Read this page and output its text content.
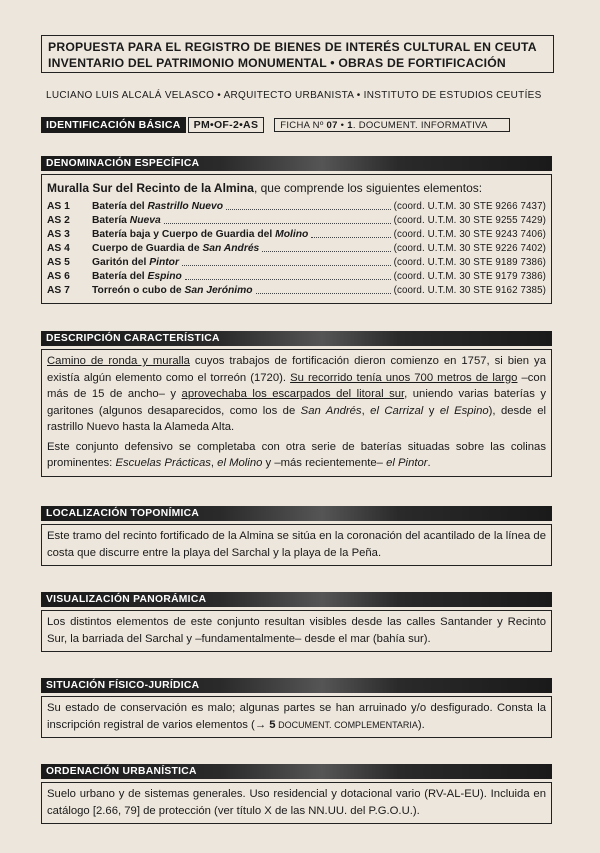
PROPUESTA PARA EL REGISTRO DE BIENES DE INTERÉS CULTURAL EN CEUTA
INVENTARIO DEL PATRIMONIO MONUMENTAL • OBRAS DE FORTIFICACIÓN
LUCIANO LUIS ALCALÁ VELASCO • ARQUITECTO URBANISTA • INSTITUTO DE ESTUDIOS CEUTÍES
IDENTIFICACIÓN BÁSICA	PM•OF-2•AS	FICHA Nº 07 • 1. DOCUMENT. INFORMATIVA
DENOMINACIÓN ESPECÍFICA
Muralla Sur del Recinto de la Almina, que comprende los siguientes elementos:
AS 1	Batería del Rastrillo Nuevo	(coord. U.T.M. 30 STE 9266 7437)
AS 2	Batería Nueva	(coord. U.T.M. 30 STE 9255 7429)
AS 3	Batería baja y Cuerpo de Guardia del Molino	(coord. U.T.M. 30 STE 9243 7406)
AS 4	Cuerpo de Guardia de San Andrés	(coord. U.T.M. 30 STE 9226 7402)
AS 5	Garitón del Pintor	(coord. U.T.M. 30 STE 9189 7386)
AS 6	Batería del Espino	(coord. U.T.M. 30 STE 9179 7386)
AS 7	Torreón o cubo de San Jerónimo	(coord. U.T.M. 30 STE 9162 7385)
DESCRIPCIÓN CARACTERÍSTICA

Camino de ronda y muralla cuyos trabajos de fortificación dieron comienzo en 1757, si bien ya existía algún elemento como el torreón (1720). Su recorrido tenía unos 700 metros de largo –con más de 15 de ancho– y aprovechaba los escarpados del litoral sur, uniendo varias baterías y garitones (algunos desaparecidos, como los de San Andrés, el Carrizal y el Espino), desde el rastrillo Nuevo hasta la Alameda Alta.

Este conjunto defensivo se completaba con otra serie de baterías situadas sobre las colinas prominentes: Escuelas Prácticas, el Molino y –más recientemente– el Pintor.

LOCALIZACIÓN TOPONÍMICA

Este tramo del recinto fortificado de la Almina se sitúa en la coronación del acantilado de la línea de costa que discurre entre la playa del Sarchal y la playa de la Peña.

VISUALIZACIÓN PANORÁMICA

Los distintos elementos de este conjunto resultan visibles desde las calles Santander y Recinto Sur, la barriada del Sarchal y –fundamentalmente– desde el mar (bahía sur).

SITUACIÓN FÍSICO-JURÍDICA

Su estado de conservación es malo; algunas partes se han arruinado y/o desfigurado. Consta la inscripción registral de varios elementos (→ 5 DOCUMENT. COMPLEMENTARIA).

ORDENACIÓN URBANÍSTICA

Suelo urbano y de sistemas generales. Uso residencial y dotacional vario (RV-AL-EU). Incluida en catálogo [2.66, 79] de protección (ver título X de las NN.UU. del P.G.O.U.).
